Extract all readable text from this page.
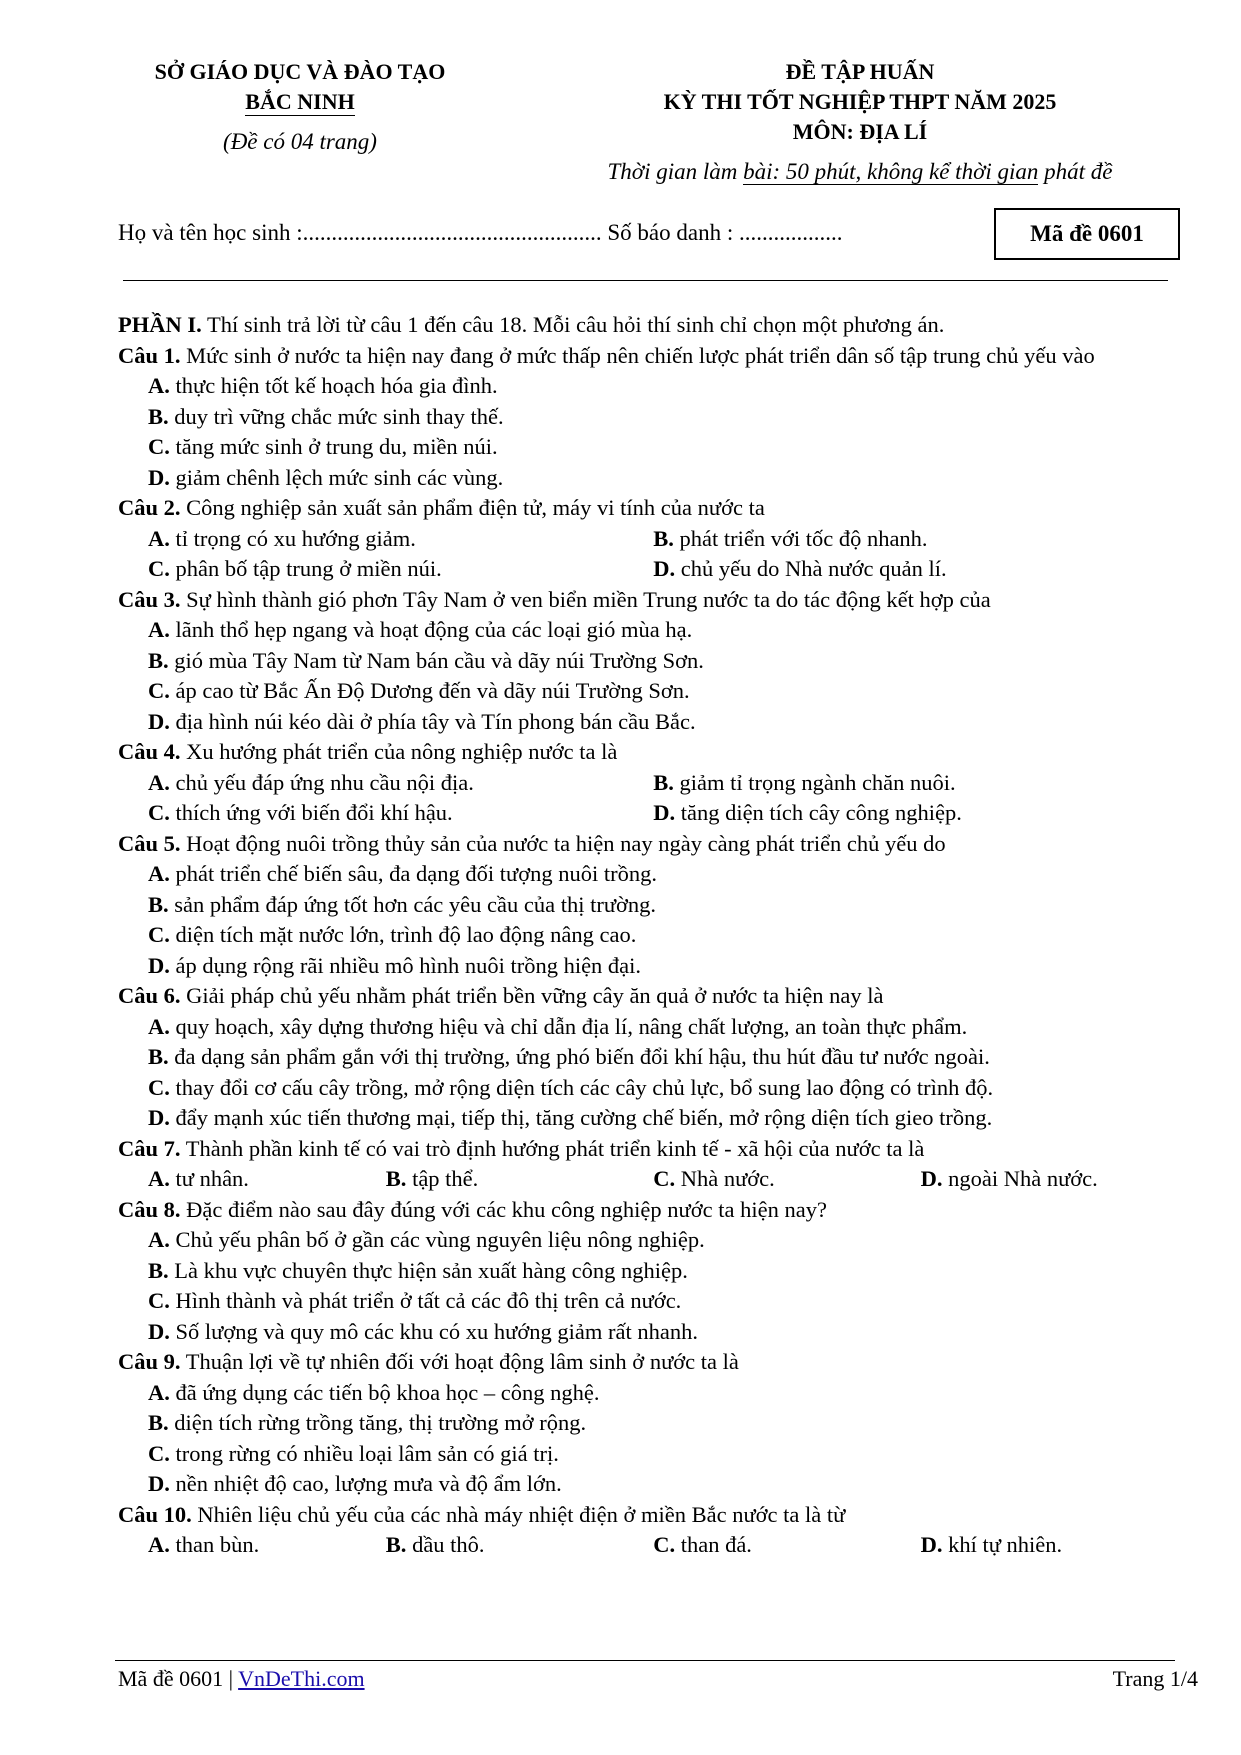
SỞ GIÁO DỤC VÀ ĐÀO TẠO
BẮC NINH
(Đề có 04 trang)
ĐỀ TẬP HUẤN
KỲ THI TỐT NGHIỆP THPT NĂM 2025
MÔN: ĐỊA LÍ
Thời gian làm bài: 50 phút, không kể thời gian phát đề
Họ và tên học sinh :.................................................... Số báo danh : ..................	Mã đề 0601
PHẦN I. Thí sinh trả lời từ câu 1 đến câu 18. Mỗi câu hỏi thí sinh chỉ chọn một phương án.
Câu 1. Mức sinh ở nước ta hiện nay đang ở mức thấp nên chiến lược phát triển dân số tập trung chủ yếu vào
A. thực hiện tốt kế hoạch hóa gia đình.
B. duy trì vững chắc mức sinh thay thế.
C. tăng mức sinh ở trung du, miền núi.
D. giảm chênh lệch mức sinh các vùng.
Câu 2. Công nghiệp sản xuất sản phẩm điện tử, máy vi tính của nước ta
A. tỉ trọng có xu hướng giảm.	B. phát triển với tốc độ nhanh.
C. phân bố tập trung ở miền núi.	D. chủ yếu do Nhà nước quản lí.
Câu 3. Sự hình thành gió phơn Tây Nam ở ven biển miền Trung nước ta do tác động kết hợp của
A. lãnh thổ hẹp ngang và hoạt động của các loại gió mùa hạ.
B. gió mùa Tây Nam từ Nam bán cầu và dãy núi Trường Sơn.
C. áp cao từ Bắc Ấn Độ Dương đến và dãy núi Trường Sơn.
D. địa hình núi kéo dài ở phía tây và Tín phong bán cầu Bắc.
Câu 4. Xu hướng phát triển của nông nghiệp nước ta là
A. chủ yếu đáp ứng nhu cầu nội địa.	B. giảm tỉ trọng ngành chăn nuôi.
C. thích ứng với biến đổi khí hậu.	D. tăng diện tích cây công nghiệp.
Câu 5. Hoạt động nuôi trồng thủy sản của nước ta hiện nay ngày càng phát triển chủ yếu do
A. phát triển chế biến sâu, đa dạng đối tượng nuôi trồng.
B. sản phẩm đáp ứng tốt hơn các yêu cầu của thị trường.
C. diện tích mặt nước lớn, trình độ lao động nâng cao.
D. áp dụng rộng rãi nhiều mô hình nuôi trồng hiện đại.
Câu 6. Giải pháp chủ yếu nhằm phát triển bền vững cây ăn quả ở nước ta hiện nay là
A. quy hoạch, xây dựng thương hiệu và chỉ dẫn địa lí, nâng chất lượng, an toàn thực phẩm.
B. đa dạng sản phẩm gắn với thị trường, ứng phó biến đổi khí hậu, thu hút đầu tư nước ngoài.
C. thay đổi cơ cấu cây trồng, mở rộng diện tích các cây chủ lực, bổ sung lao động có trình độ.
D. đẩy mạnh xúc tiến thương mại, tiếp thị, tăng cường chế biến, mở rộng diện tích gieo trồng.
Câu 7. Thành phần kinh tế có vai trò định hướng phát triển kinh tế - xã hội của nước ta là
A. tư nhân.	B. tập thể.	C. Nhà nước.	D. ngoài Nhà nước.
Câu 8. Đặc điểm nào sau đây đúng với các khu công nghiệp nước ta hiện nay?
A. Chủ yếu phân bố ở gần các vùng nguyên liệu nông nghiệp.
B. Là khu vực chuyên thực hiện sản xuất hàng công nghiệp.
C. Hình thành và phát triển ở tất cả các đô thị trên cả nước.
D. Số lượng và quy mô các khu có xu hướng giảm rất nhanh.
Câu 9. Thuận lợi về tự nhiên đối với hoạt động lâm sinh ở nước ta là
A. đã ứng dụng các tiến bộ khoa học – công nghệ.
B. diện tích rừng trồng tăng, thị trường mở rộng.
C. trong rừng có nhiều loại lâm sản có giá trị.
D. nền nhiệt độ cao, lượng mưa và độ ẩm lớn.
Câu 10. Nhiên liệu chủ yếu của các nhà máy nhiệt điện ở miền Bắc nước ta là từ
A. than bùn.	B. dầu thô.	C. than đá.	D. khí tự nhiên.
Mã đề 0601 | VnDeThi.com	Trang 1/4
